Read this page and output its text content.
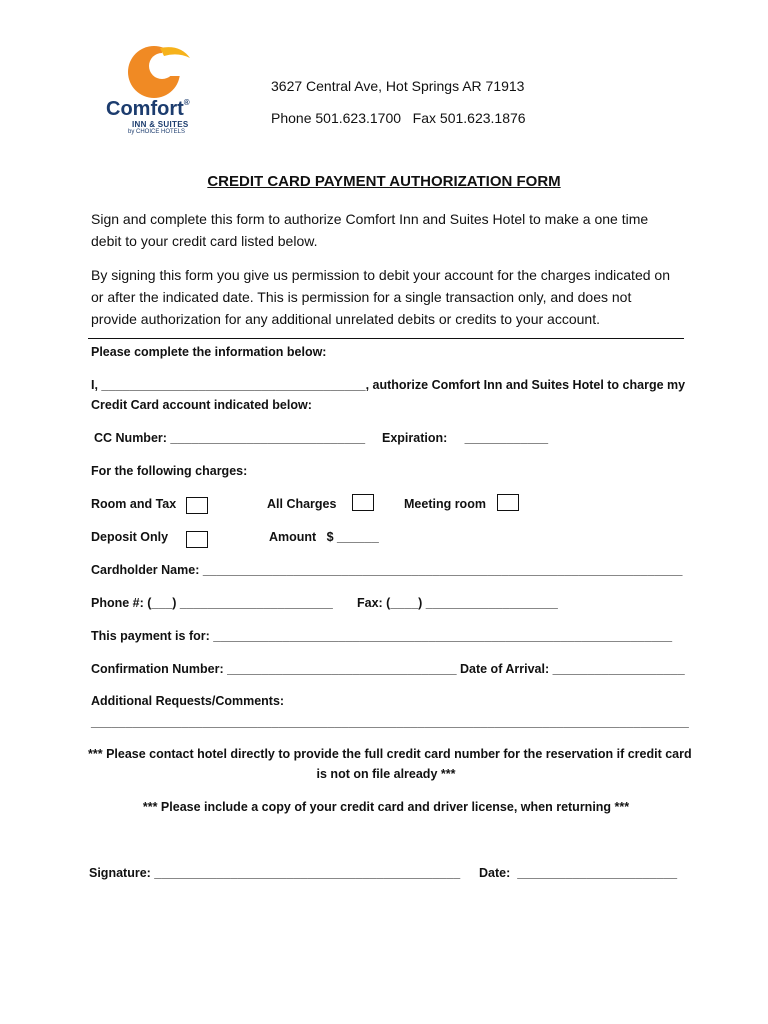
Comfort®
INN & SUITES
by CHOICE HOTELS
3627 Central Ave, Hot Springs AR 71913
Phone 501.623.1700   Fax 501.623.1876
CREDIT CARD PAYMENT AUTHORIZATION FORM
Sign and complete this form to authorize Comfort Inn and Suites Hotel to make a one time debit to your credit card listed below.
By signing this form you give us permission to debit your account for the charges indicated on or after the indicated date. This is permission for a single transaction only, and does not provide authorization for any additional unrelated debits or credits to your account.
Please complete the information below:
I, ______________________________________, authorize Comfort Inn and Suites Hotel to charge my
Credit Card account indicated below:
CC Number: ____________________________ Expiration:     ____________
For the following charges:
Room and Tax	All Charges	Meeting room
Deposit Only	Amount   $ ______
Cardholder Name: _____________________________________________________________________
Phone #: (___) ______________________ Fax: (____) ___________________
This payment is for: __________________________________________________________________
Confirmation Number: _________________________________ Date of Arrival: ___________________
Additional Requests/Comments:
______________________________________________________________________________________
*** Please contact hotel directly to provide the full credit card number for the reservation if credit card
is not on file already ***
*** Please include a copy of your credit card and driver license, when returning ***
Signature: ____________________________________________ Date:  _______________________
